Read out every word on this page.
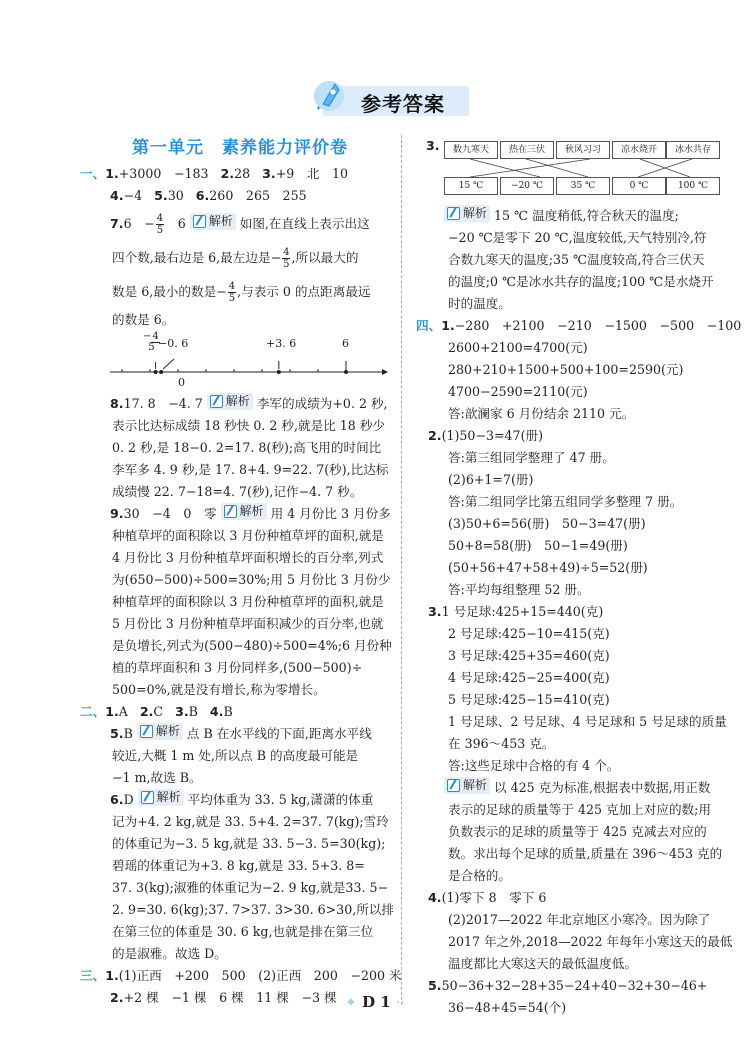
参考答案
第一单元　素养能力评价卷
一、1.+3000　−183 2.28 3.+9　北　10
4.−4 5.30 6.260　265　255
7.6　− $\frac{4}{5}$ 　6 解析 如图,在直线上表示出这
四个数,最右边是 6,最左边是− $\frac{4}{5}$ ,所以最大的
数是 6,最小的数是− $\frac{4}{5}$ ,与表示 0 的点距离最远
的数是 6。
−4
5 −0. 6	+3. 6	6
0
8.17. 8　−4. 7 解析 李军的成绩为+0. 2 秒,
表示比达标成绩 18 秒快 0. 2 秒,就是比 18 秒少
0. 2 秒,是 18−0. 2=17. 8(秒);高飞用的时间比
李军多 4. 9 秒,是 17. 8+4. 9=22. 7(秒),比达标
成绩慢 22. 7−18=4. 7(秒),记作−4. 7 秒。
9.30　−4　0　零 解析 用 4 月份比 3 月份多
种植草坪的面积除以 3 月份种植草坪的面积,就是
4 月份比 3 月份种植草坪面积增长的百分率,列式
为(650−500)÷500=30%;用 5 月份比 3 月份少
种植草坪的面积除以 3 月份种植草坪的面积,就是
5 月份比 3 月份种植草坪面积减少的百分率,也就
是负增长,列式为(500−480)÷500=4%;6 月份种
植的草坪面积和 3 月份同样多,(500−500)÷
500=0%,就是没有增长,称为零增长。
二、1.A 2.C 3.B 4.B
5.B 解析 点 B 在水平线的下面,距离水平线
较近,大概 1 m 处,所以点 B 的高度最可能是
−1 m,故选 B。
6.D 解析 平均体重为 33. 5 kg,潇潇的体重
记为+4. 2 kg,就是 33. 5+4. 2=37. 7(kg);雪玲
的体重记为−3. 5 kg,就是 33. 5−3. 5=30(kg);
碧瑶的体重记为+3. 8 kg,就是 33. 5+3. 8=
37. 3(kg);淑雅的体重记为−2. 9 kg,就是33. 5−
2. 9=30. 6(kg);37. 7>37. 3>30. 6>30,所以排
在第三位的体重是 30. 6 kg,也就是排在第三位
的是淑雅。故选 D。
三、1.(1)正西　+200　500　(2)正西　200　−200 米
2.+2 棵　−1 棵　6 棵　11 棵　−3 棵
3.	数九寒天	热在三伏	秋风习习	凉水烧开	冰水共存
15 ℃	−20 ℃	35 ℃	0 ℃	100 ℃
解析 15 ℃ 温度稍低,符合秋天的温度;
−20 ℃是零下 20 ℃,温度较低,天气特别冷,符
合数九寒天的温度;35 ℃温度较高,符合三伏天
的温度;0 ℃是冰水共存的温度;100 ℃是水烧开
时的温度。
四、1.−280　+2100　−210　−1500　−500　−100
2600+2100=4700(元)
280+210+1500+500+100=2590(元)
4700−2590=2110(元)
答:歆澜家 6 月份结余 2110 元。
2.(1)50−3=47(册)
答:第三组同学整理了 47 册。
(2)6+1=7(册)
答:第二组同学比第五组同学多整理 7 册。
(3)50+6=56(册)　50−3=47(册)
50+8=58(册)　50−1=49(册)
(50+56+47+58+49)÷5=52(册)
答:平均每组整理 52 册。
3.1 号足球:425+15=440(克)
2 号足球:425−10=415(克)
3 号足球:425+35=460(克)
4 号足球:425−25=400(克)
5 号足球:425−15=410(克)
1 号足球、2 号足球、4 号足球和 5 号足球的质量
在 396～453 克。
答:这些足球中合格的有 4 个。
解析 以 425 克为标准,根据表中数据,用正数
表示的足球的质量等于 425 克加上对应的数;用
负数表示的足球的质量等于 425 克减去对应的
数。求出每个足球的质量,质量在 396～453 克的
是合格的。
4.(1)零下 8　零下 6
(2)2017—2022 年北京地区小寒冷。因为除了
2017 年之外,2018—2022 年每年小寒这天的最低
温度都比大寒这天的最低温度低。
5.50−36+32−28+35−24+40−32+30−46+
36−48+45=54(个)
✦ D 1 ··
